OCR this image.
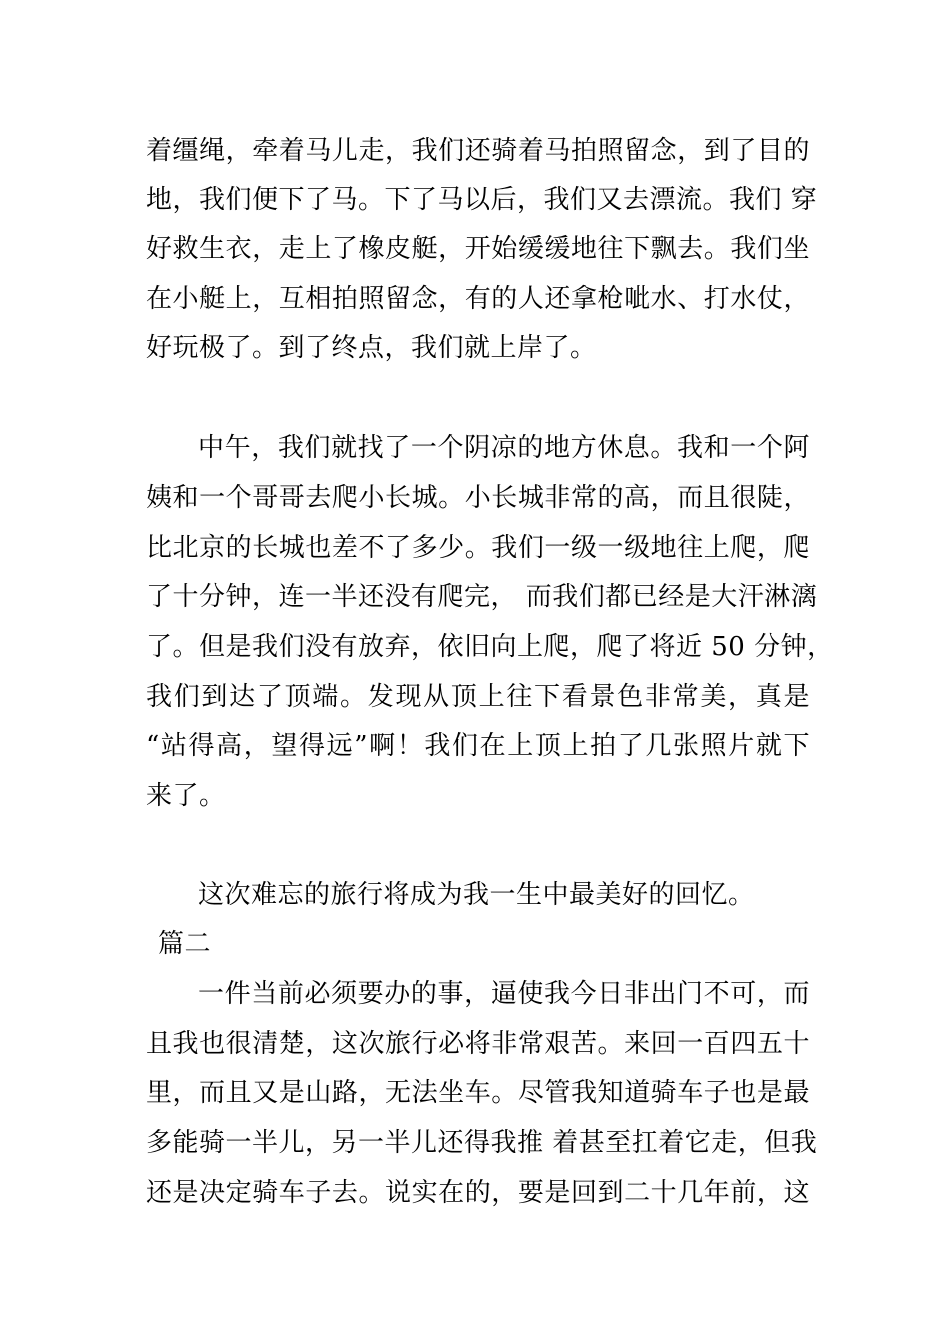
着缰绳，牵着马儿走，我们还骑着马拍照留念，到了目的
地，我们便下了马。下了马以后，我们又去漂流。我们 穿
好救生衣，走上了橡皮艇，开始缓缓地往下飘去。我们坐
在小艇上，互相拍照留念，有的人还拿枪呲水、打水仗，
好玩极了。到了终点，我们就上岸了。
中午，我们就找了一个阴凉的地方休息。我和一个阿
姨和一个哥哥去爬小长城。小长城非常的高，而且很陡，
比北京的长城也差不了多少。我们一级一级地往上爬，爬
了十分钟，连一半还没有爬完， 而我们都已经是大汗淋漓
了。但是我们没有放弃，依旧向上爬，爬了将近 50 分钟，
我们到达了顶端。发现从顶上往下看景色非常美，真是
“站得高，望得远”啊！我们在上顶上拍了几张照片就下
来了。
这次难忘的旅行将成为我一生中最美好的回忆。
篇二
一件当前必须要办的事，逼使我今日非出门不可，而
且我也很清楚，这次旅行必将非常艰苦。来回一百四五十
里，而且又是山路，无法坐车。尽管我知道骑车子也是最
多能骑一半儿，另一半儿还得我推 着甚至扛着它走，但我
还是决定骑车子去。说实在的，要是回到二十几年前，这
